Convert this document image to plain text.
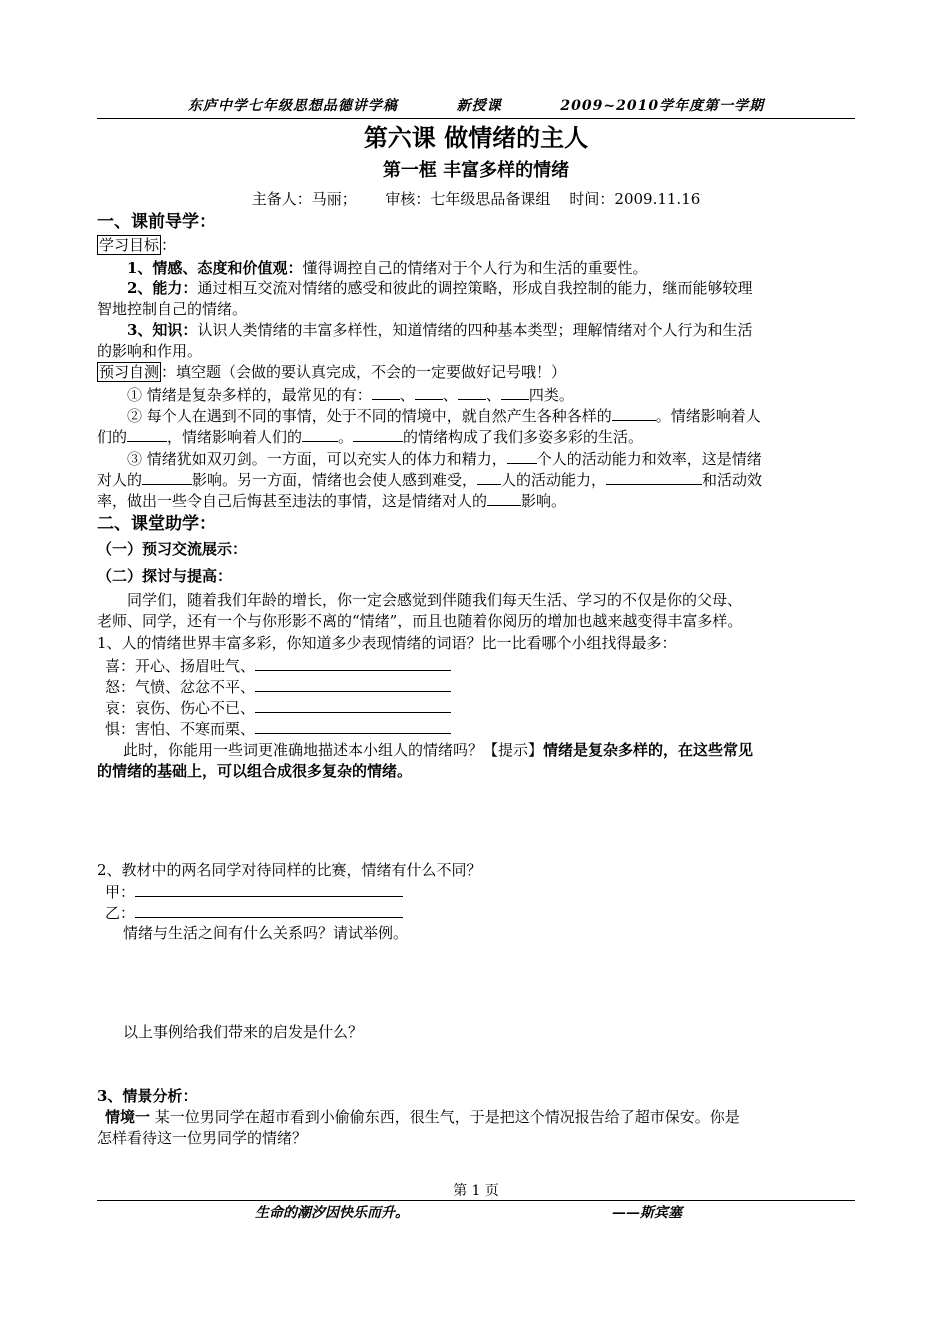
东庐中学七年级思想品德讲学稿	新授课	2009~2010学年度第一学期
第六课 做情绪的主人
第一框 丰富多样的情绪
主备人：马丽； 审核：七年级思品备课组 时间：2009.11.16
一、课前导学：
学习目标 ：
1、情感、态度和价值观：懂得调控自己的情绪对于个人行为和生活的重要性。
2、能力：通过相互交流对情绪的感受和彼此的调控策略，形成自我控制的能力，继而能够较理
智地控制自己的情绪。
3、知识：认识人类情绪的丰富多样性，知道情绪的四种基本类型；理解情绪对个人行为和生活
的影响和作用。
预习自测 ：填空题（会做的要认真完成，不会的一定要做好记号哦！）
① 情绪是复杂多样的，最常见的有： 、 、 、 四类。
② 每个人在遇到不同的事情，处于不同的情境中，就自然产生各种各样的	。情绪影响着人
们的	，情绪影响着人们的 。	的情绪构成了我们多姿多彩的生活。
③ 情绪犹如双刃剑。一方面，可以充实人的体力和精力， 个人的活动能力和效率，这是情绪
对人的	影响。另一方面，情绪也会使人感到难受， 人的活动能力，	和活动效
率，做出一些令自己后悔甚至违法的事情，这是情绪对人的 影响。
二、课堂助学：
（一）预习交流展示：
（二）探讨与提高：
同学们，随着我们年龄的增长，你一定会感觉到伴随我们每天生活、学习的不仅是你的父母、
老师、同学，还有一个与你形影不离的“情绪”，而且也随着你阅历的增加也越来越变得丰富多样。
1、人的情绪世界丰富多彩，你知道多少表现情绪的词语？比一比看哪个小组找得最多：
喜：开心、扬眉吐气、
怒：气愤、忿忿不平、
哀：哀伤、伤心不已、
惧：害怕、不寒而栗、
此时，你能用一些词更准确地描述本小组人的情绪吗？【提示】情绪是复杂多样的，在这些常见
的情绪的基础上，可以组合成很多复杂的情绪。
2、教材中的两名同学对待同样的比赛，情绪有什么不同？
甲：
乙：
情绪与生活之间有什么关系吗？请试举例。
以上事例给我们带来的启发是什么？
3、情景分析：
情境一 某一位男同学在超市看到小偷偷东西，很生气，于是把这个情况报告给了超市保安。你是
怎样看待这一位男同学的情绪？
第 1 页
生命的潮汐因快乐而升。	——斯宾塞
